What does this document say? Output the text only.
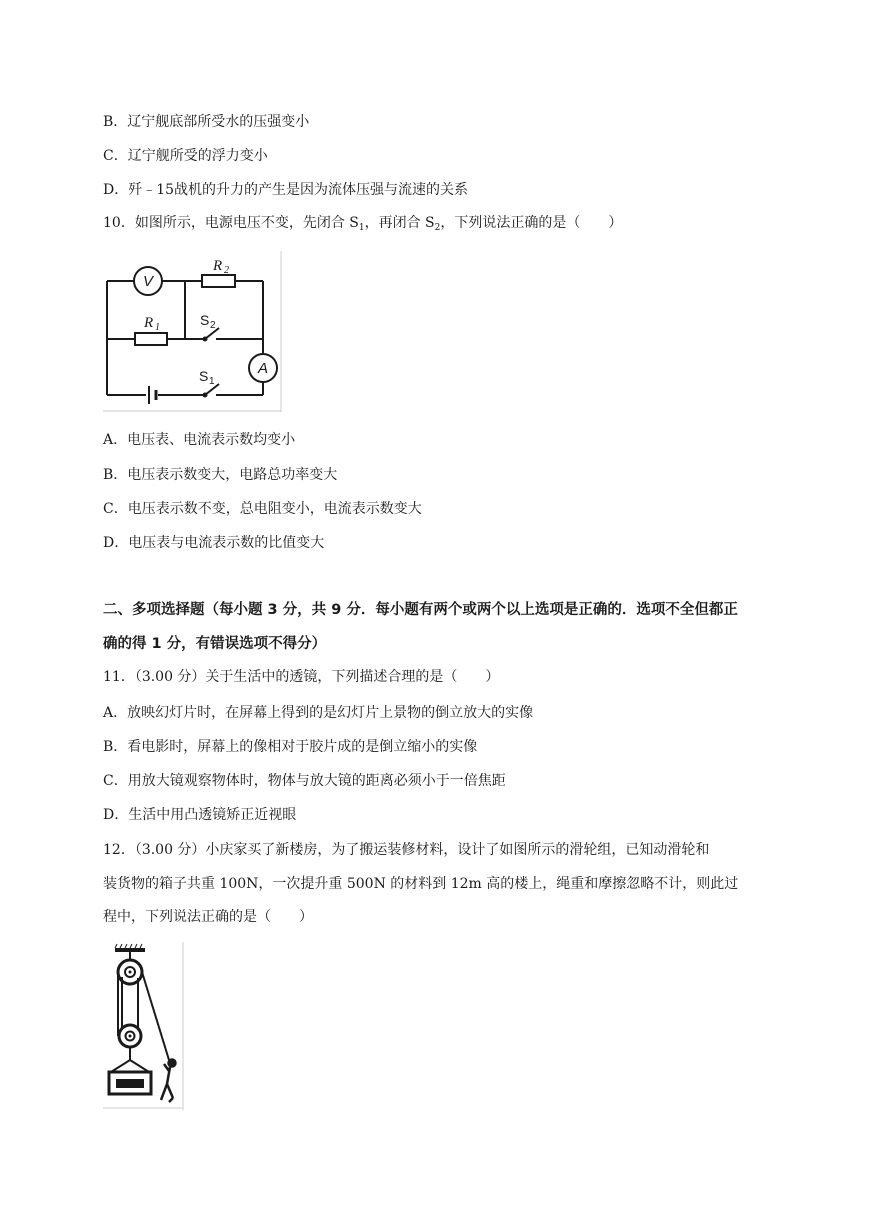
B．辽宁舰底部所受水的压强变小
C．辽宁舰所受的浮力变小
D．歼﹣15战机的升力的产生是因为流体压强与流速的关系
10．如图所示，电源电压不变，先闭合 $S_1$，再闭合 $S_2$，下列说法正确的是（　　）
V
R 2
R 1	S 2
A
S 1
A．电压表、电流表示数均变小
B．电压表示数变大，电路总功率变大
C．电压表示数不变，总电阻变小，电流表示数变大
D．电压表与电流表示数的比值变大
二、多项选择题（每小题 3 分，共 9 分．每小题有两个或两个以上选项是正确的．选项不全但都正
确的得 1 分，有错误选项不得分）
11．（3.00 分）关于生活中的透镜，下列描述合理的是（　　）
A．放映幻灯片时，在屏幕上得到的是幻灯片上景物的倒立放大的实像
B．看电影时，屏幕上的像相对于胶片成的是倒立缩小的实像
C．用放大镜观察物体时，物体与放大镜的距离必须小于一倍焦距
D．生活中用凸透镜矫正近视眼
12．（3.00 分）小庆家买了新楼房，为了搬运装修材料，设计了如图所示的滑轮组，已知动滑轮和
装货物的箱子共重 100N，一次提升重 500N 的材料到 12m 高的楼上，绳重和摩擦忽略不计，则此过
程中，下列说法正确的是（　　）
